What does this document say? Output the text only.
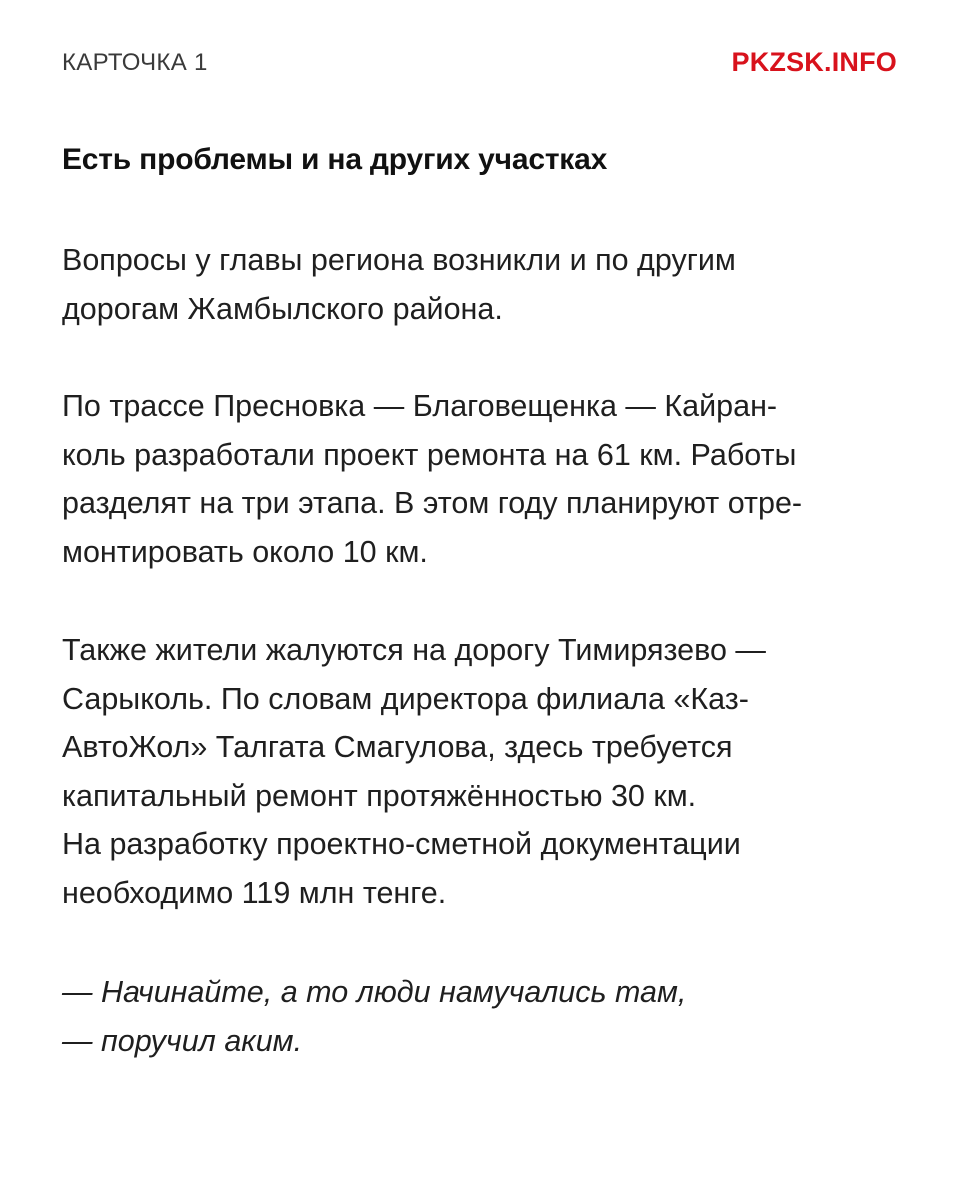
КАРТОЧКА 1	PKZSK.INFO
Есть проблемы и на других участках

Вопросы у главы региона возникли и по другим
дорогам Жамбылского района.

По трассе Пресновка — Благовещенка — Кайран-
коль разработали проект ремонта на 61 км. Работы
разделят на три этапа. В этом году планируют отре-
монтировать около 10 км.

Также жители жалуются на дорогу Тимирязево —
Сарыколь. По словам директора филиала «Каз-
АвтоЖол» Талгата Смагулова, здесь требуется
капитальный ремонт протяжённостью 30 км.
На разработку проектно-сметной документации
необходимо 119 млн тенге.

— Начинайте, а то люди намучались там,
— поручил аким.
